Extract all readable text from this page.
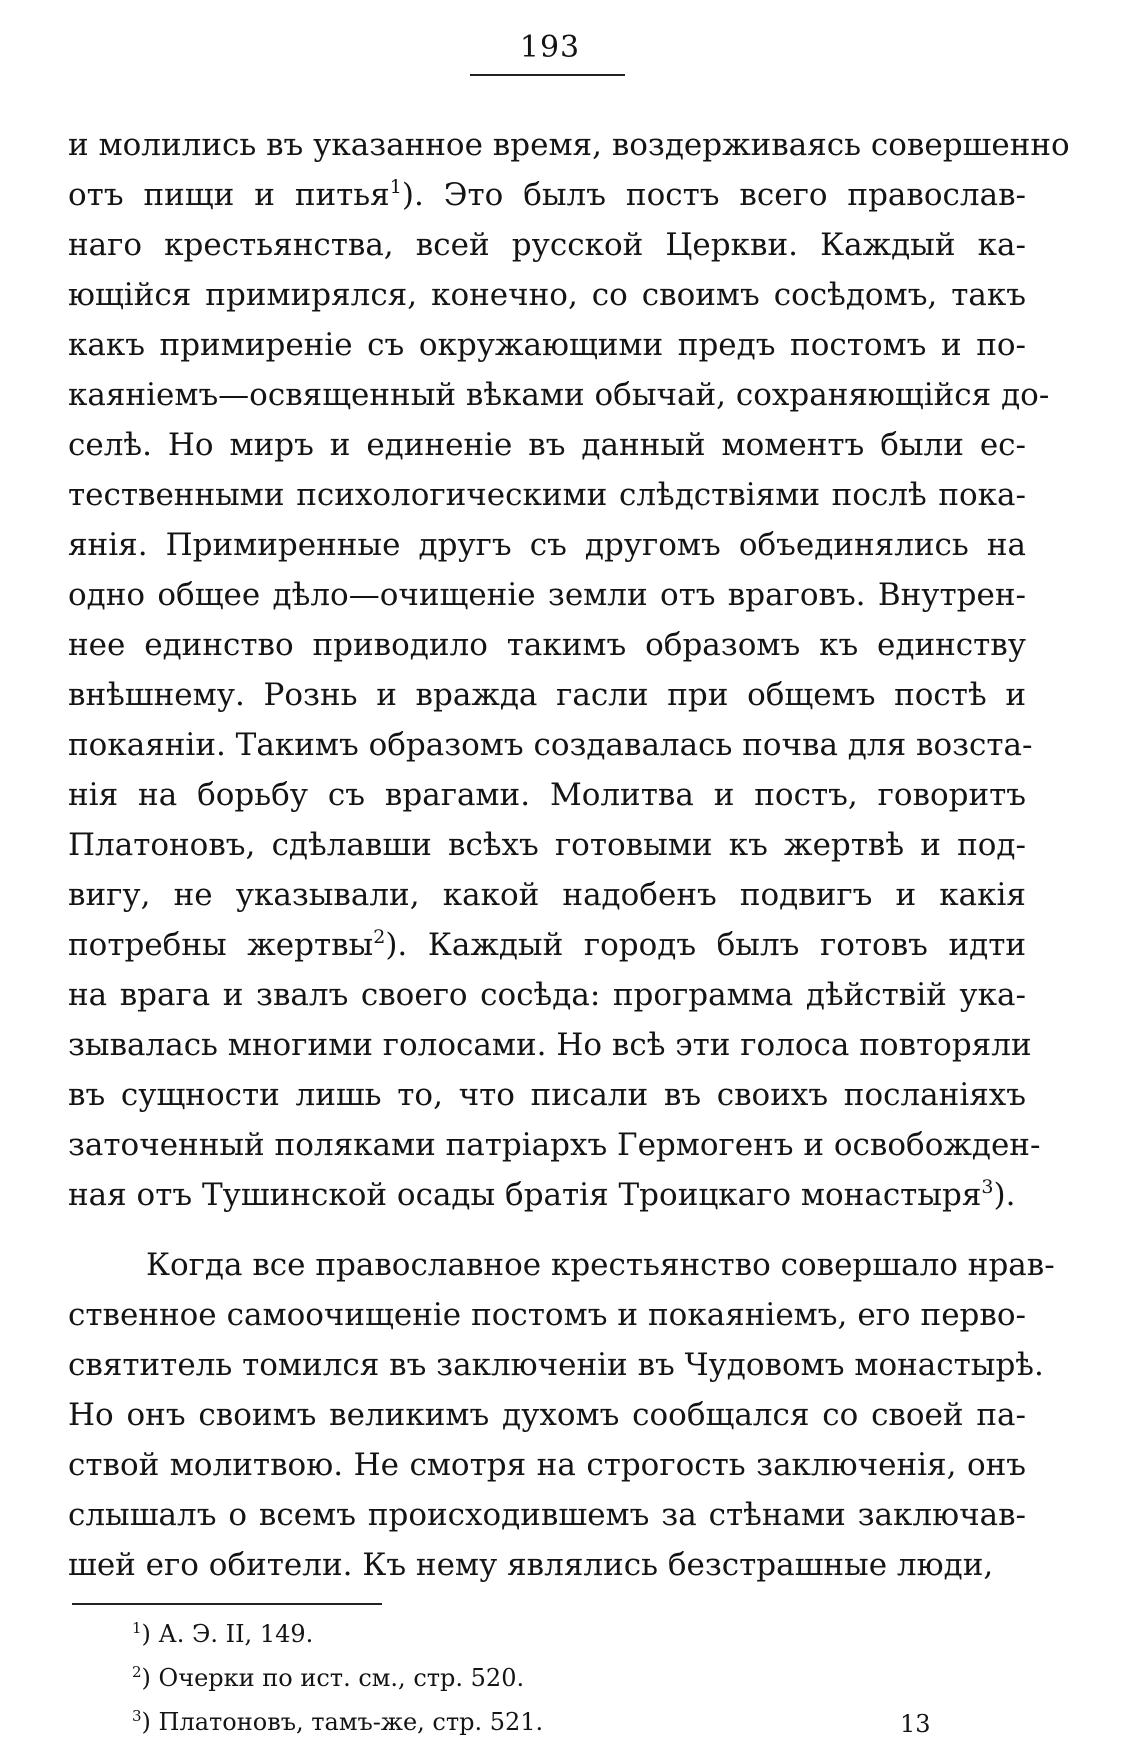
193
и молились въ указанное время, воздерживаясь совершенно
отъ пищи и питья$^1$). Это былъ постъ всего православ-
наго крестьянства, всей русской Церкви. Каждый ка-
ющійся примирялся, конечно, со своимъ сосѣдомъ, такъ
какъ примиреніе съ окружающими предъ постомъ и по-
каяніемъ—освященный вѣками обычай, сохраняющійся до-
селѣ. Но миръ и единеніе въ данный моментъ были ес-
тественными психологическими слѣдствіями послѣ пока-
янія. Примиренные другъ съ другомъ объединялись на
одно общее дѣло—очищеніе земли отъ враговъ. Внутрен-
нее единство приводило такимъ образомъ къ единству
внѣшнему. Рознь и вражда гасли при общемъ постѣ и
покаяніи. Такимъ образомъ создавалась почва для возста-
нія на борьбу съ врагами. Молитва и постъ, говоритъ
Платоновъ, сдѣлавши всѣхъ готовыми къ жертвѣ и под-
вигу, не указывали, какой надобенъ подвигъ и какія
потребны жертвы$^2$). Каждый городъ былъ готовъ идти
на врага и звалъ своего сосѣда: программа дѣйствій ука-
зывалась многими голосами. Но всѣ эти голоса повторяли
въ сущности лишь то, что писали въ своихъ посланіяхъ
заточенный поляками патріархъ Гермогенъ и освобожден-
ная отъ Тушинской осады братія Троицкаго монастыря$^3$).
Когда все православное крестьянство совершало нрав-
ственное самоочищеніе постомъ и покаяніемъ, его перво-
святитель томился въ заключеніи въ Чудовомъ монастырѣ.
Но онъ своимъ великимъ духомъ сообщался со своей па-
ствой молитвою. Не смотря на строгость заключенія, онъ
слышалъ о всемъ происходившемъ за стѣнами заключав-
шей его обители. Къ нему являлись безстрашные люди,
$^1$) А. Э. II, 149.
$^2$) Очерки по ист. см., стр. 520.
$^3$) Платоновъ, тамъ-же, стр. 521.	13
